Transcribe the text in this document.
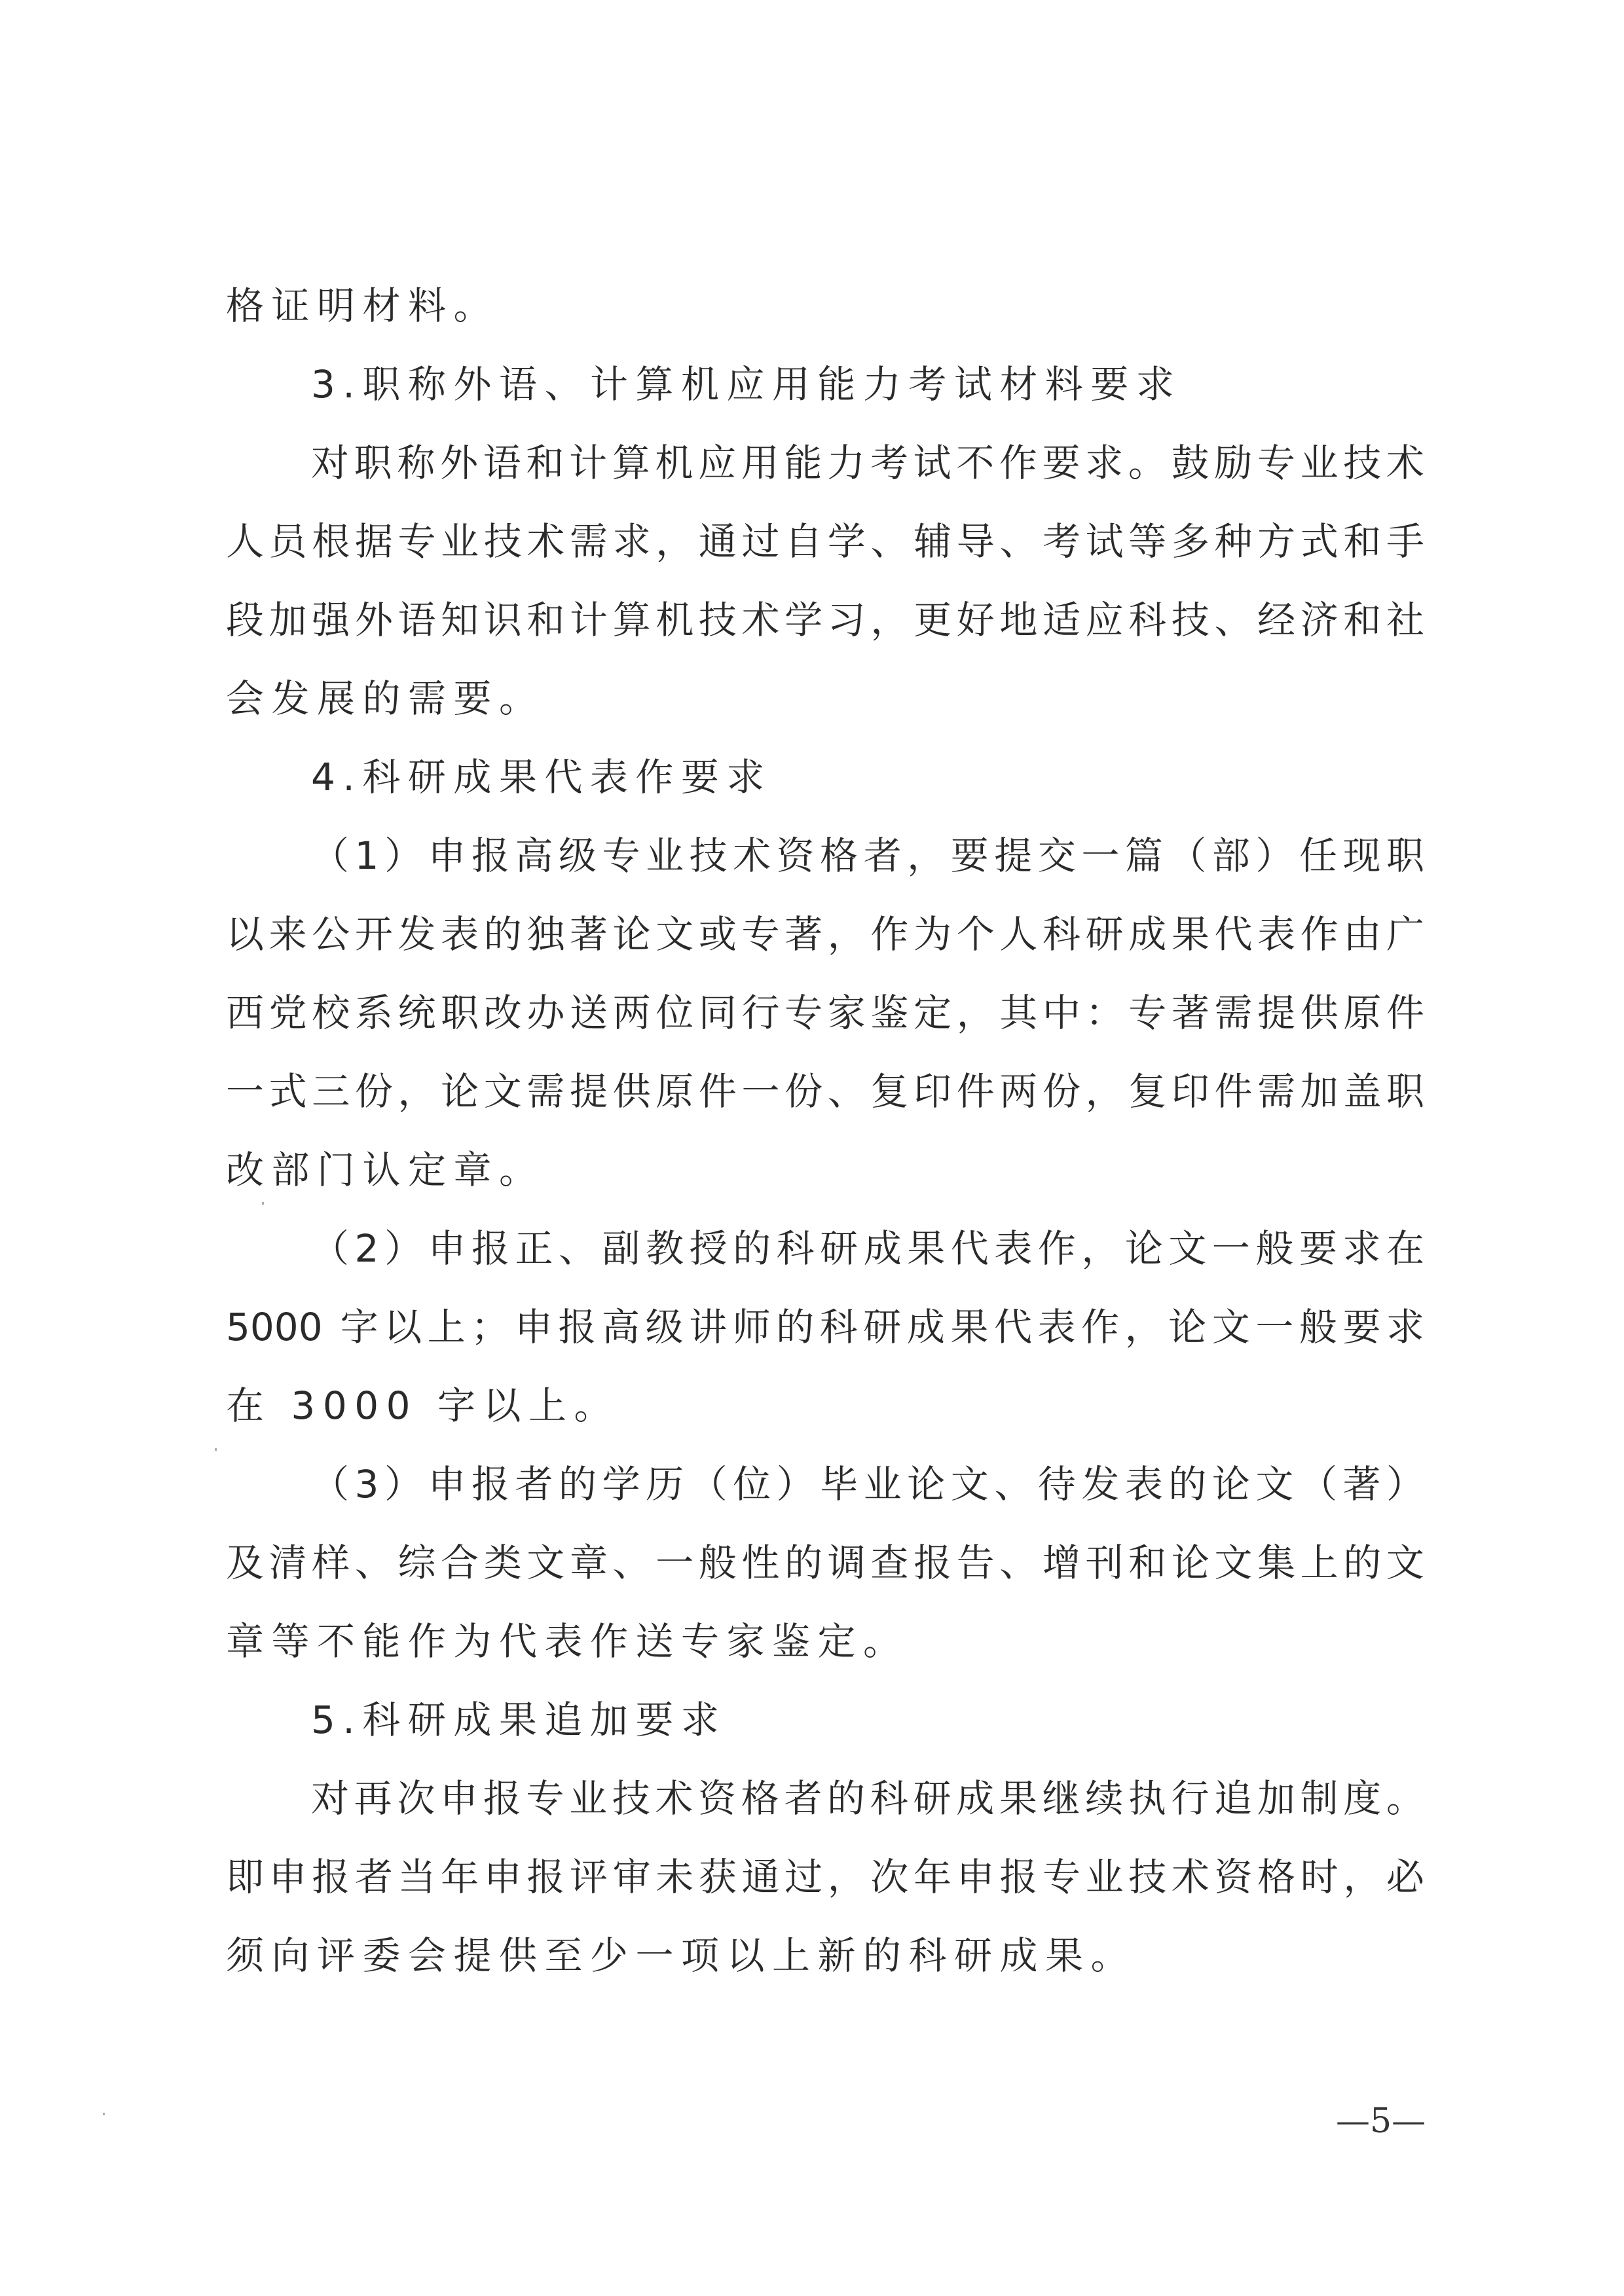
格证明材料。
3.职称外语、计算机应用能力考试材料要求
对职称外语和计算机应用能力考试不作要求。鼓励专业技术
人员根据专业技术需求，通过自学、辅导、考试等多种方式和手
段加强外语知识和计算机技术学习，更好地适应科技、经济和社
会发展的需要。
4.科研成果代表作要求
（1）申报高级专业技术资格者，要提交一篇（部）任现职
以来公开发表的独著论文或专著，作为个人科研成果代表作由广
西党校系统职改办送两位同行专家鉴定，其中：专著需提供原件
一式三份，论文需提供原件一份、复印件两份，复印件需加盖职
改部门认定章。
（2）申报正、副教授的科研成果代表作，论文一般要求在
5000 字以上；申报高级讲师的科研成果代表作，论文一般要求
在 3000 字以上。
（3）申报者的学历（位）毕业论文、待发表的论文（著）
及清样、综合类文章、一般性的调查报告、增刊和论文集上的文
章等不能作为代表作送专家鉴定。
5.科研成果追加要求
对再次申报专业技术资格者的科研成果继续执行追加制度。
即申报者当年申报评审未获通过，次年申报专业技术资格时，必
须向评委会提供至少一项以上新的科研成果。
—5—
